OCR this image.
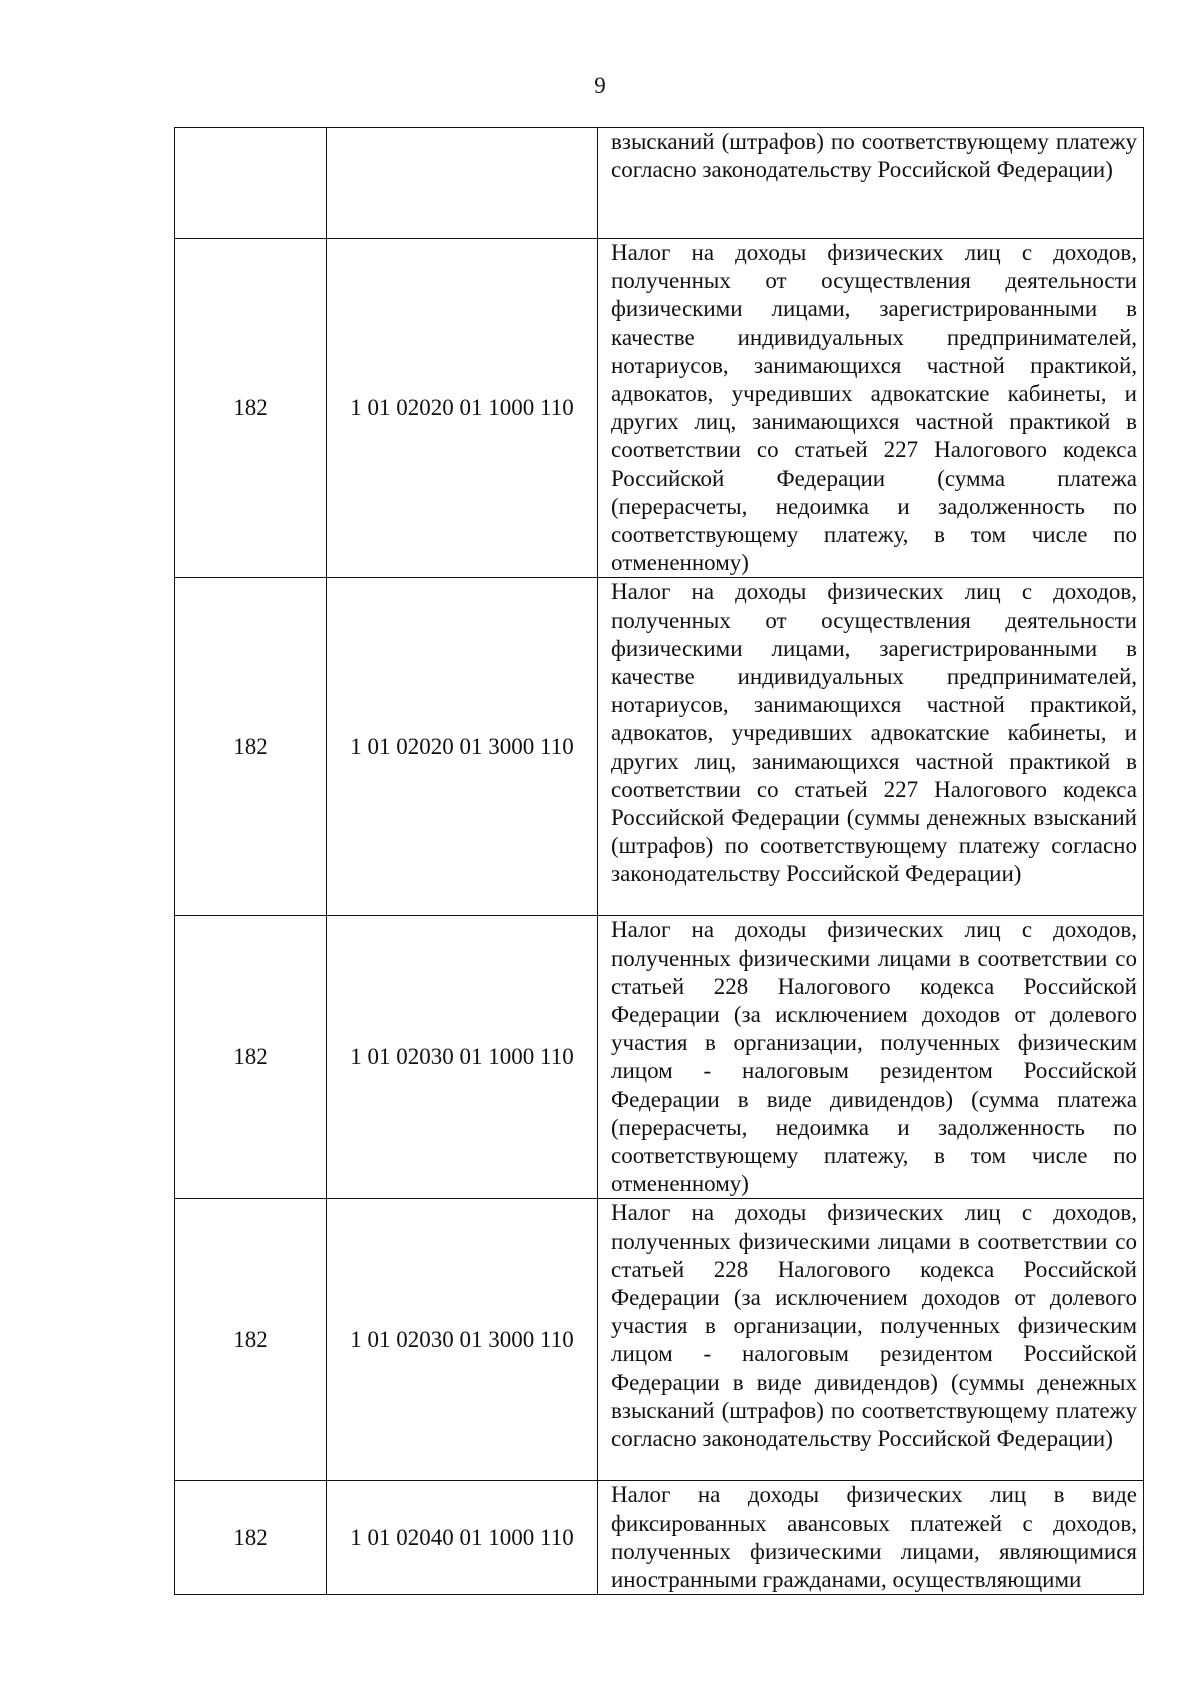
9

		взысканий (штрафов) по соответствующему платежу согласно законодательству Российской Федерации)

182	1 01 02020 01 1000 110	Налог на доходы физических лиц с доходов, полученных от осуществления деятельности физическими лицами, зарегистрированными в качестве индивидуальных предпринимателей, нотариусов, занимающихся частной практикой, адвокатов, учредивших адвокатские кабинеты, и других лиц, занимающихся частной практикой в соответствии со статьей 227 Налогового кодекса Российской Федерации (сумма платежа (перерасчеты, недоимка и задолженность по соответствующему платежу, в том числе по отмененному)

182	1 01 02020 01 3000 110	Налог на доходы физических лиц с доходов, полученных от осуществления деятельности физическими лицами, зарегистрированными в качестве индивидуальных предпринимателей, нотариусов, занимающихся частной практикой, адвокатов, учредивших адвокатские кабинеты, и других лиц, занимающихся частной практикой в соответствии со статьей 227 Налогового кодекса Российской Федерации (суммы денежных взысканий (штрафов) по соответствующему платежу согласно законодательству Российской Федерации)

182	1 01 02030 01 1000 110	Налог на доходы физических лиц с доходов, полученных физическими лицами в соответствии со статьей 228 Налогового кодекса Российской Федерации (за исключением доходов от долевого участия в организации, полученных физическим лицом - налоговым резидентом Российской Федерации в виде дивидендов) (сумма платежа (перерасчеты, недоимка и задолженность по соответствующему платежу, в том числе по отмененному)

182	1 01 02030 01 3000 110	Налог на доходы физических лиц с доходов, полученных физическими лицами в соответствии со статьей 228 Налогового кодекса Российской Федерации (за исключением доходов от долевого участия в организации, полученных физическим лицом - налоговым резидентом Российской Федерации в виде дивидендов) (суммы денежных взысканий (штрафов) по соответствующему платежу согласно законодательству Российской Федерации)

182	1 01 02040 01 1000 110	Налог на доходы физических лиц в виде фиксированных авансовых платежей с доходов, полученных физическими лицами, являющимися иностранными гражданами, осуществляющими
